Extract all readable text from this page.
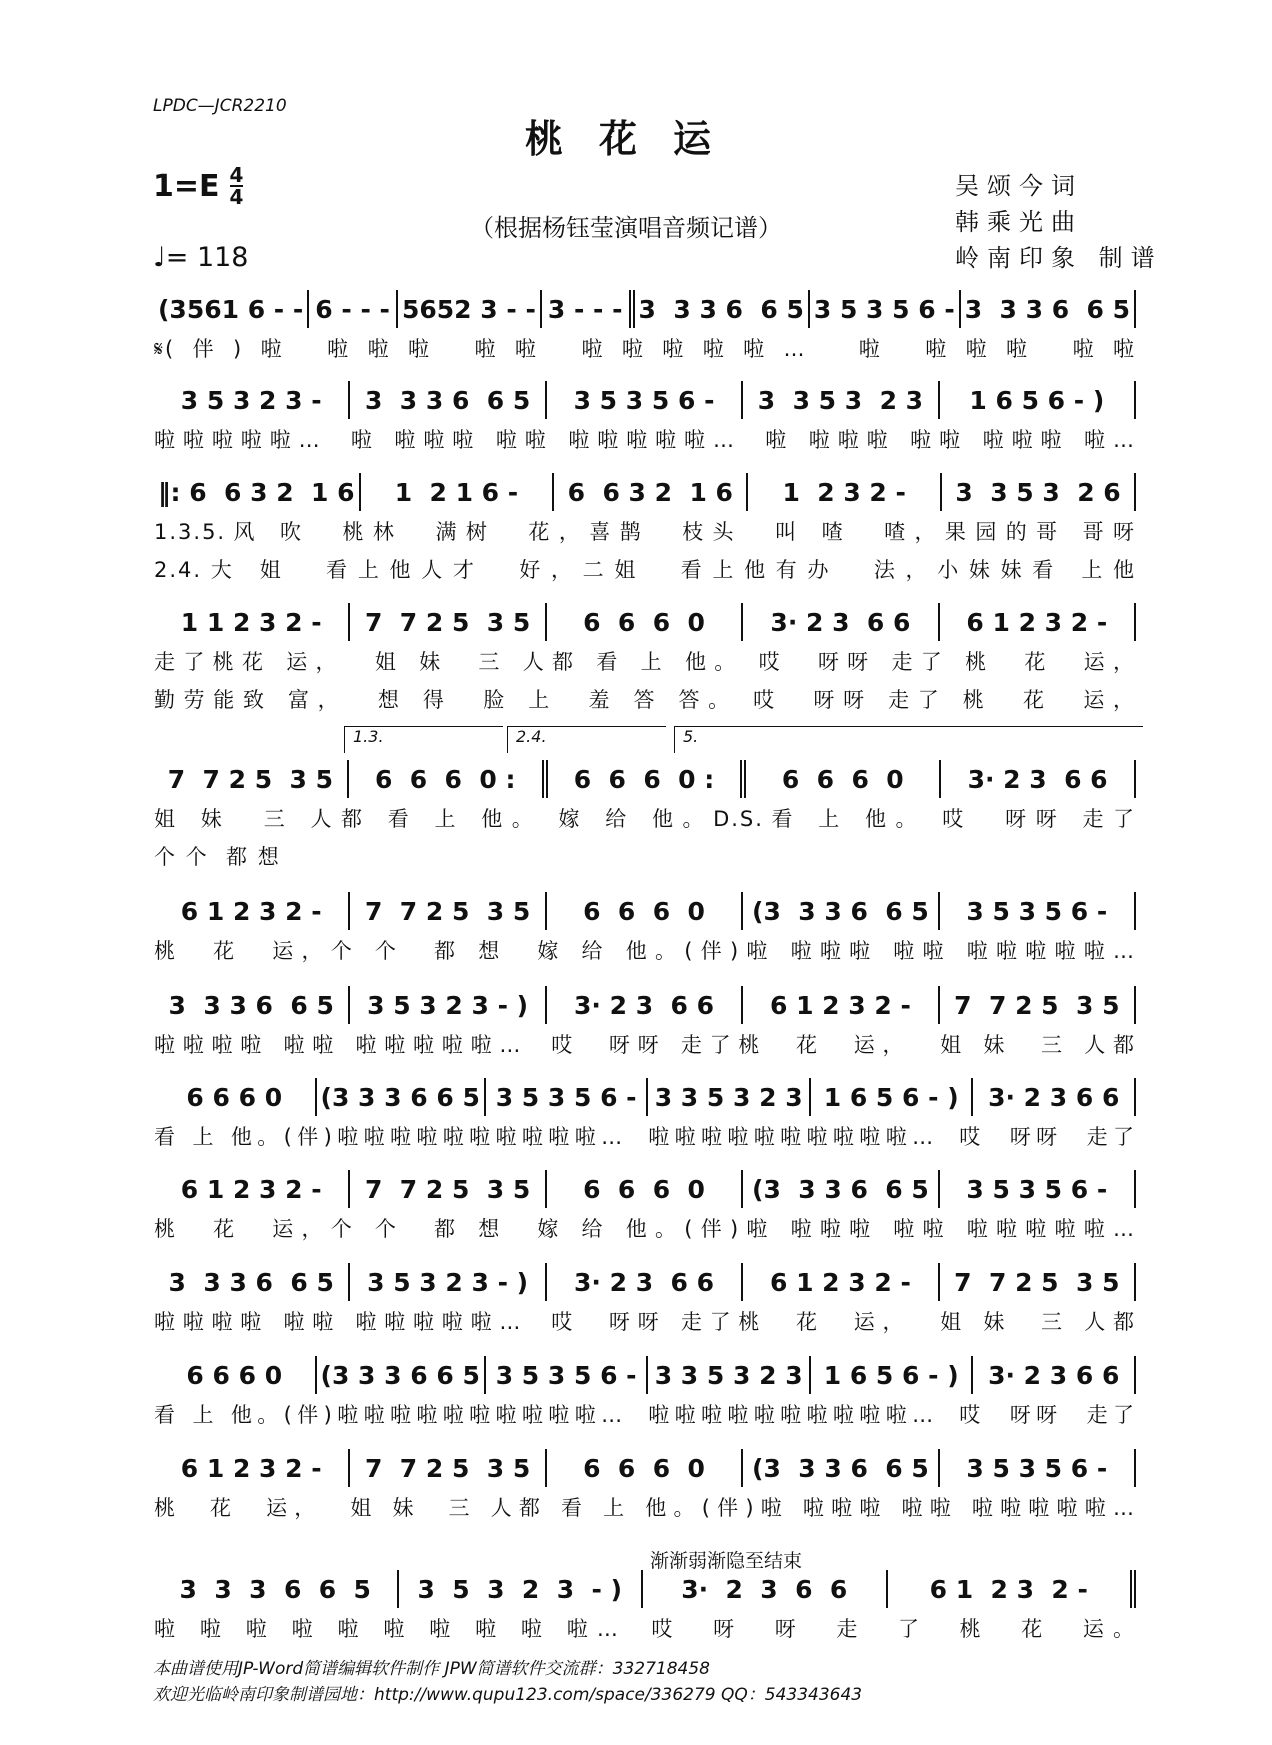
LPDC—JCR2210
桃花运
$1=E \frac{4}{4}$
♩= 118
（根据杨钰莹演唱音频记谱）
吴颂今词
韩乘光曲
岭南印象 制谱
渐渐弱渐隐至结束
(3561 6 - - 6 - - - 5652 3 - - 3 - - - 3  3 3 6  6 5 3 5 3 5 6 - 3  3 3 6  6 5
𝄋(伴)啦 啦啦啦 啦啦 啦啦啦啦啦…  啦 啦啦啦 啦啦
3 5 3 2 3 -	3  3 3 6  6 5	3 5 3 5 6 -	3  3 5 3  2 3	1 6 5 6 - )
啦啦啦啦啦…  啦 啦啦啦 啦啦 啦啦啦啦啦…  啦 啦啦啦 啦啦 啦啦啦 啦…
‖: 6  6 3 2  1 6	1  2 1 6 -	6  6 3 2  1 6	1  2 3 2 -	3  3 5 3  2 6
1.3.5.风 吹  桃林  满树  花，喜鹊  枝头  叫 喳  喳，果园的哥 哥呀
2.4.大 姐  看上他人才  好，二姐  看上他有办  法，小妹妹看 上他
1 1 2 3 2 -	7  7 2 5  3 5	6  6  6  0	3· 2 3  6 6	6 1 2 3 2 -
走了桃花 运，  姐 妹  三 人都 看 上 他。 哎  呀呀 走了 桃  花  运，
勤劳能致 富，  想 得  脸 上  羞 答 答。 哎  呀呀 走了 桃  花  运，
7  7 2 5  3 5	6  6  6  0 :	6  6  6  0 :	6  6  6  0	3· 2 3  6 6
1.3.	2.4.	5.
姐 妹  三 人都 看 上 他。 嫁 给 他。D.S.看 上 他。 哎  呀呀 走了
个 个  都 想
6 1 2 3 2 -	7  7 2 5  3 5	6  6  6  0	(3  3 3 6  6 5	3 5 3 5 6 -
桃  花  运，个 个  都 想  嫁 给 他。(伴)啦 啦啦啦 啦啦 啦啦啦啦啦…
3  3 3 6  6 5	3 5 3 2 3 - )	3· 2 3  6 6	6 1 2 3 2 -	7  7 2 5  3 5
啦啦啦啦 啦啦 啦啦啦啦啦…  哎  呀呀 走了桃  花  运，  姐 妹  三 人都
6 6 6 0	(3 3 3 6 6 5 3 5 3 5 6 - 3 3 5 3 2 3 1 6 5 6 - )	3· 2 3 6 6
看 上 他。(伴)啦啦啦啦啦啦啦啦啦啦…  啦啦啦啦啦啦啦啦啦啦…  哎  呀呀  走了
6 1 2 3 2 -	7  7 2 5  3 5	6  6  6  0	(3  3 3 6  6 5	3 5 3 5 6 -
桃  花  运，个 个  都 想  嫁 给 他。(伴)啦 啦啦啦 啦啦 啦啦啦啦啦…
3  3 3 6  6 5	3 5 3 2 3 - )	3· 2 3  6 6	6 1 2 3 2 -	7  7 2 5  3 5
啦啦啦啦 啦啦 啦啦啦啦啦…  哎  呀呀 走了桃  花  运，  姐 妹  三 人都
6 6 6 0	(3 3 3 6 6 5 3 5 3 5 6 - 3 3 5 3 2 3 1 6 5 6 - )	3· 2 3 6 6
看 上 他。(伴)啦啦啦啦啦啦啦啦啦啦…  啦啦啦啦啦啦啦啦啦啦…  哎  呀呀  走了
6 1 2 3 2 -	7  7 2 5  3 5	6  6  6  0	(3  3 3 6  6 5	3 5 3 5 6 -
桃  花  运，  姐 妹  三 人都 看 上 他。(伴)啦 啦啦啦 啦啦 啦啦啦啦啦…
3  3  3  6  6  5	3  5  3  2  3  - )	3·  2  3  6  6	6 1  2 3  2 -
啦 啦 啦 啦 啦 啦 啦 啦 啦 啦…  哎  呀  呀  走  了  桃  花  运。
本曲谱使用JP-Word简谱编辑软件制作 JPW简谱软件交流群：332718458
欢迎光临岭南印象制谱园地：http://www.qupu123.com/space/336279 QQ：543343643
